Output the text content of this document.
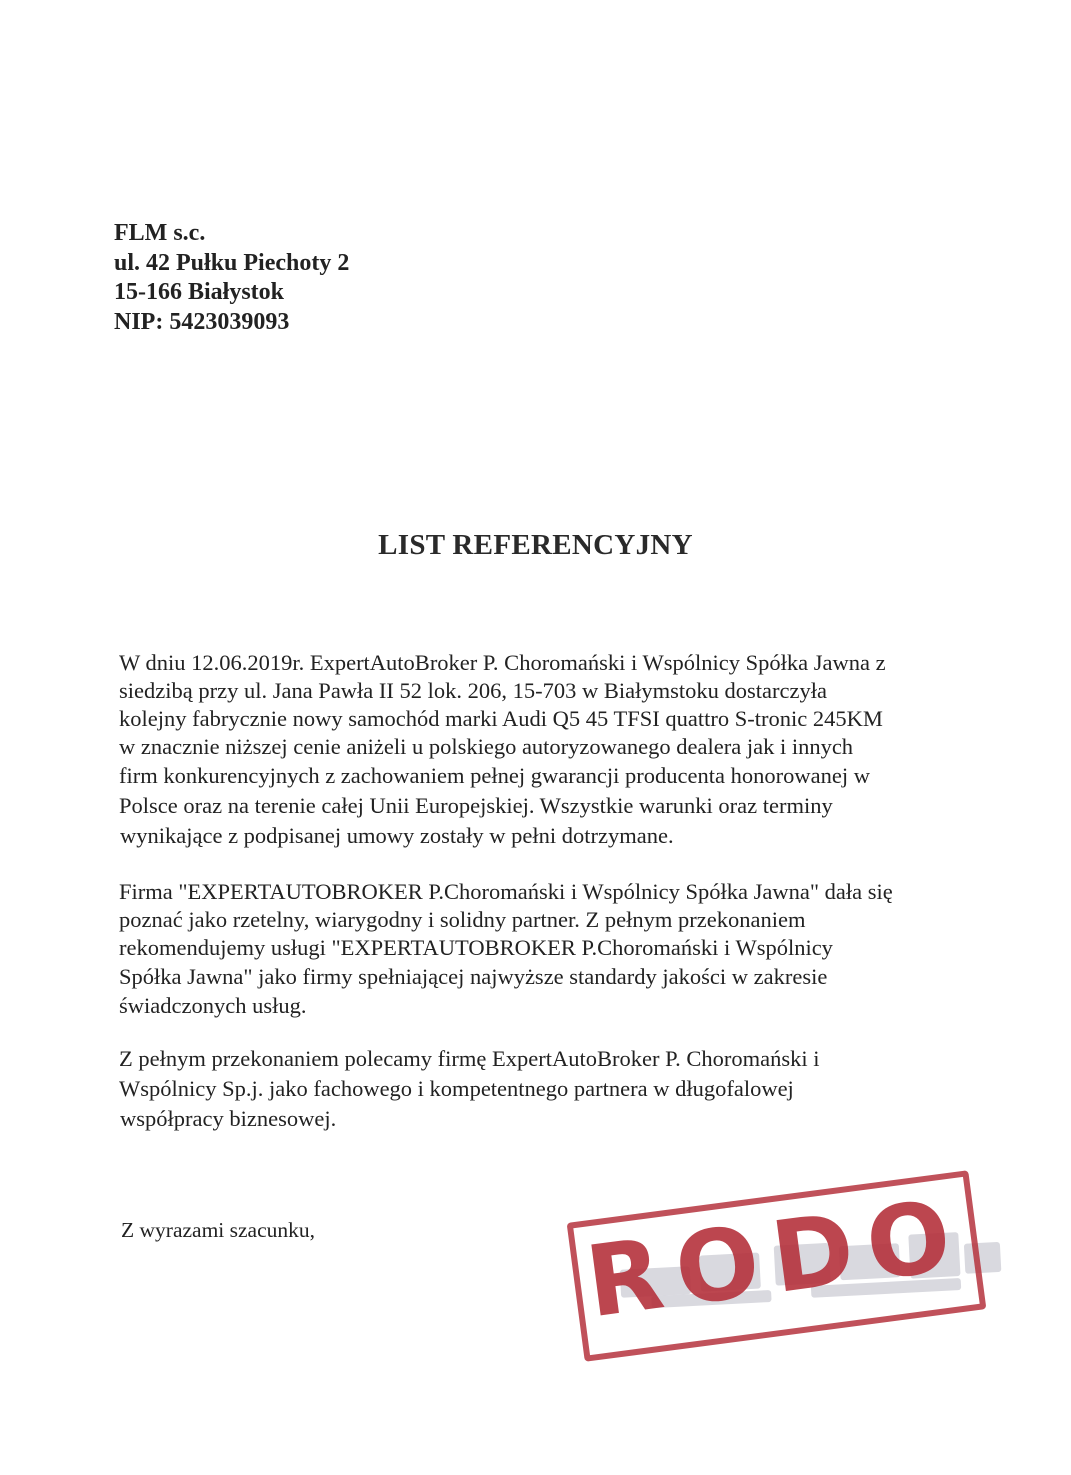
FLM s.c.
ul. 42 Pułku Piechoty 2
15-166 Białystok
NIP: 5423039093
LIST REFERENCYJNY
W dniu 12.06.2019r. ExpertAutoBroker P. Choromański i Wspólnicy Spółka Jawna z
siedzibą przy ul. Jana Pawła II 52 lok. 206, 15-703 w Białymstoku dostarczyła
kolejny fabrycznie nowy samochód marki Audi Q5 45 TFSI quattro S-tronic 245KM
w znacznie niższej cenie aniżeli u polskiego autoryzowanego dealera jak i innych
firm konkurencyjnych z zachowaniem pełnej gwarancji producenta honorowanej w
Polsce oraz na terenie całej Unii Europejskiej. Wszystkie warunki oraz terminy
wynikające z podpisanej umowy zostały w pełni dotrzymane.
Firma "EXPERTAUTOBROKER P.Choromański i Wspólnicy Spółka Jawna" dała się
poznać jako rzetelny, wiarygodny i solidny partner. Z pełnym przekonaniem
rekomendujemy usługi "EXPERTAUTOBROKER P.Choromański i Wspólnicy
Spółka Jawna" jako firmy spełniającej najwyższe standardy jakości w zakresie
świadczonych usług.
Z pełnym przekonaniem polecamy firmę ExpertAutoBroker P. Choromański i
Wspólnicy Sp.j. jako fachowego i kompetentnego partnera w długofalowej
współpracy biznesowej.
Z wyrazami szacunku,	RODO
